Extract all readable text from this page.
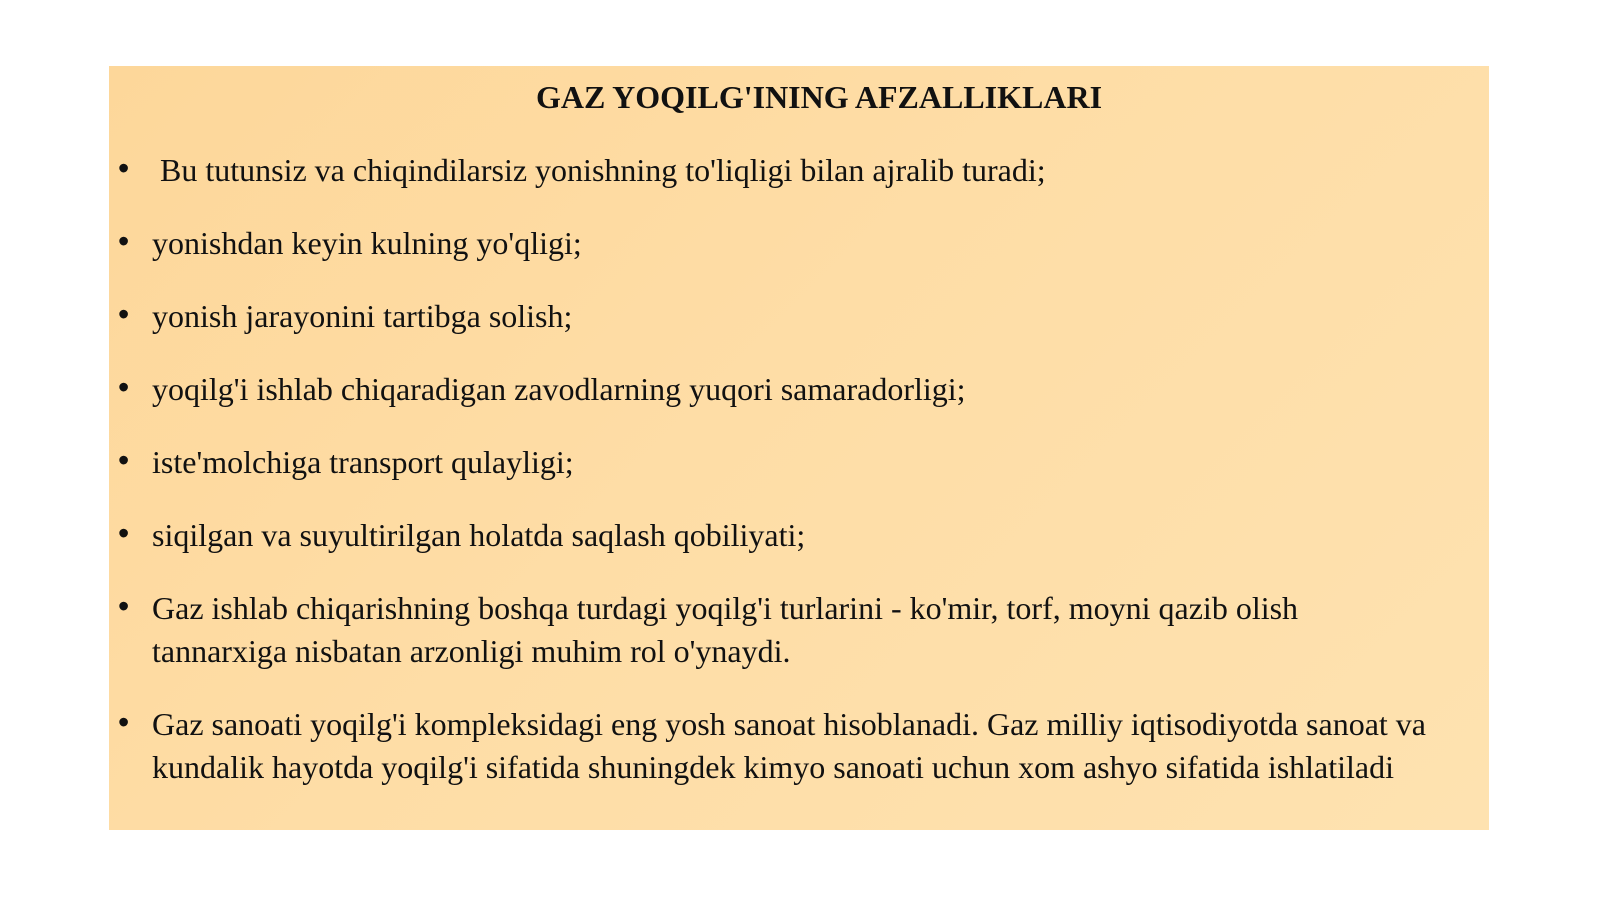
GAZ YOQILG'INING AFZALLIKLARI
• Bu tutunsiz va chiqindilarsiz yonishning to'liqligi bilan ajralib turadi;
• yonishdan keyin kulning yo'qligi;
• yonish jarayonini tartibga solish;
• yoqilg'i ishlab chiqaradigan zavodlarning yuqori samaradorligi;
• iste'molchiga transport qulayligi;
• siqilgan va suyultirilgan holatda saqlash qobiliyati;
• Gaz ishlab chiqarishning boshqa turdagi yoqilg'i turlarini - ko'mir, torf, moyni qazib olish tannarxiga nisbatan arzonligi muhim rol o'ynaydi.
• Gaz sanoati yoqilg'i kompleksidagi eng yosh sanoat hisoblanadi. Gaz milliy iqtisodiyotda sanoat va kundalik hayotda yoqilg'i sifatida shuningdek kimyo sanoati uchun xom ashyo sifatida ishlatiladi
